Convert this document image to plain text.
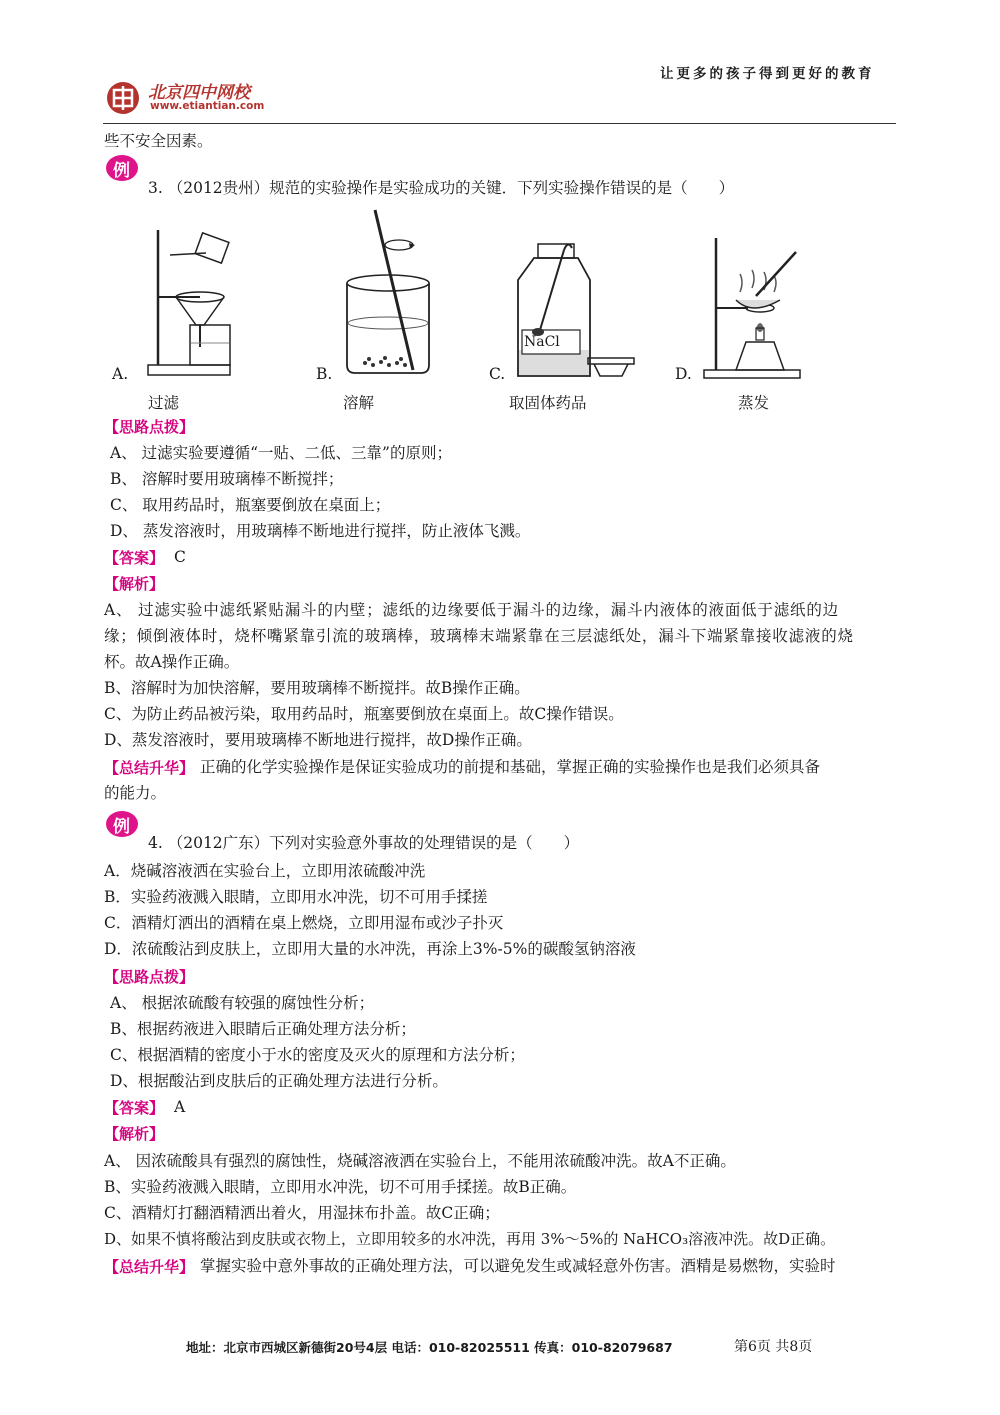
北京四中网校
www.etiantian.com
让更多的孩子得到更好的教育
些不安全因素。
例
3. （2012贵州）规范的实验操作是实验成功的关键．下列实验操作错误的是（　　）
A.
过滤
B.
溶解
NaCl
C.
取固体药品
D.
蒸发
【思路点拨】
A、 过滤实验要遵循“一贴、二低、三靠”的原则；
B、 溶解时要用玻璃棒不断搅拌；
C、 取用药品时，瓶塞要倒放在桌面上；
D、 蒸发溶液时，用玻璃棒不断地进行搅拌，防止液体飞溅。
【答案】 C
【解析】
A、 过滤实验中滤纸紧贴漏斗的内壁；滤纸的边缘要低于漏斗的边缘，漏斗内液体的液面低于滤纸的边
缘；倾倒液体时，烧杯嘴紧靠引流的玻璃棒，玻璃棒末端紧靠在三层滤纸处，漏斗下端紧靠接收滤液的烧
杯。故A操作正确。
B、溶解时为加快溶解，要用玻璃棒不断搅拌。故B操作正确。
C、为防止药品被污染，取用药品时，瓶塞要倒放在桌面上。故C操作错误。
D、蒸发溶液时，要用玻璃棒不断地进行搅拌，故D操作正确。
【总结升华】 正确的化学实验操作是保证实验成功的前提和基础，掌握正确的实验操作也是我们必须具备
的能力。
例
4. （2012广东）下列对实验意外事故的处理错误的是（　　）
A．烧碱溶液洒在实验台上，立即用浓硫酸冲洗
B．实验药液溅入眼睛，立即用水冲洗，切不可用手揉搓
C．酒精灯洒出的酒精在桌上燃烧，立即用湿布或沙子扑灭
D．浓硫酸沾到皮肤上，立即用大量的水冲洗，再涂上3%-5%的碳酸氢钠溶液
【思路点拨】
A、 根据浓硫酸有较强的腐蚀性分析；
B、根据药液进入眼睛后正确处理方法分析；
C、根据酒精的密度小于水的密度及灭火的原理和方法分析；
D、根据酸沾到皮肤后的正确处理方法进行分析。
【答案】 A
【解析】
A、 因浓硫酸具有强烈的腐蚀性，烧碱溶液洒在实验台上，不能用浓硫酸冲洗。故A不正确。
B、实验药液溅入眼睛，立即用水冲洗，切不可用手揉搓。故B正确。
C、酒精灯打翻酒精洒出着火，用湿抹布扑盖。故C正确；
D、如果不慎将酸沾到皮肤或衣物上，立即用较多的水冲洗，再用 3%～5%的 NaHCO₃溶液冲洗。故D正确。
【总结升华】 掌握实验中意外事故的正确处理方法，可以避免发生或减轻意外伤害。酒精是易燃物，实验时
地址：北京市西城区新德街20号4层 电话：010-82025511 传真：010-82079687	第6页 共8页
